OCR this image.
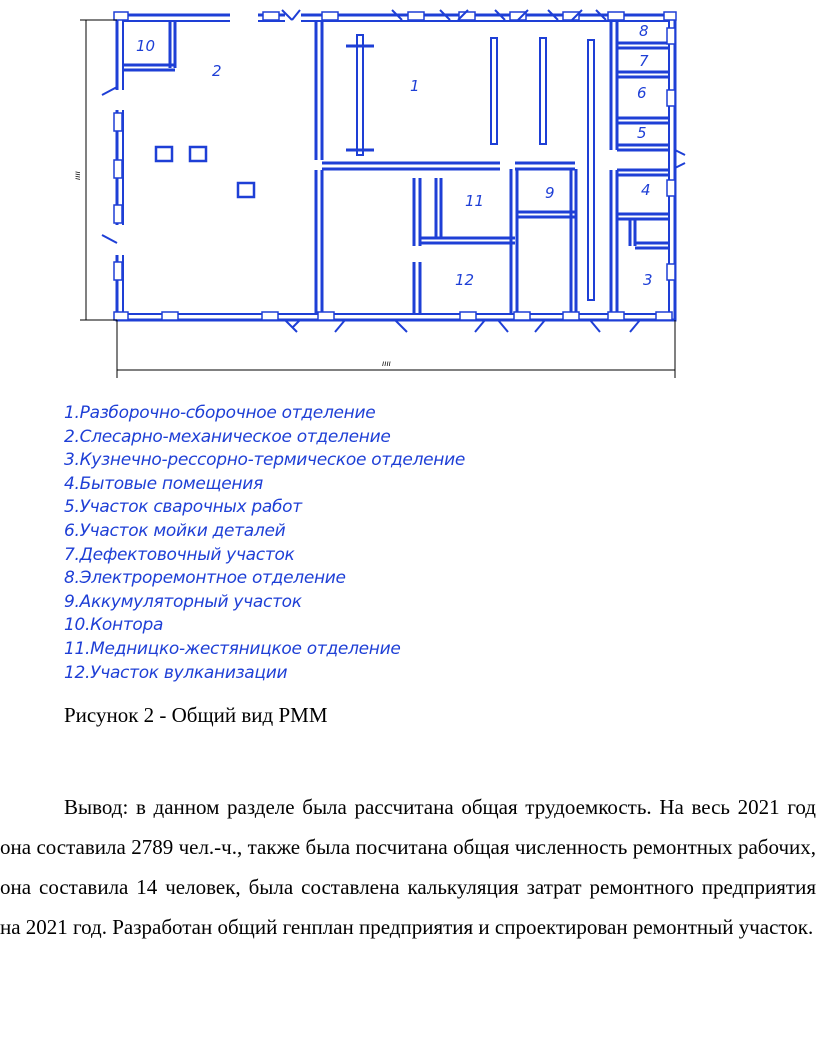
1
2
3
4
5
6
7
8
9
10
11
12
ıııı
ıııı
1.Разборочно-сборочное отделение
2.Слесарно-механическое отделение
3.Кузнечно-рессорно-термическое отделение
4.Бытовые помещения
5.Участок сварочных работ
6.Участок мойки деталей
7.Дефектовочный участок
8.Электроремонтное отделение
9.Аккумуляторный участок
10.Контора
11.Медницко-жестяницкое отделение
12.Участок вулканизации
Рисунок 2 - Общий вид РММ

Вывод: в данном разделе была рассчитана общая трудоемкость. На весь 2021 год она составила 2789 чел.-ч., также была посчитана общая численность ремонтных рабочих, она составила 14 человек, была составлена калькуляция затрат ремонтного предприятия на 2021 год. Разработан общий генплан предприятия и спроектирован ремонтный участок.
